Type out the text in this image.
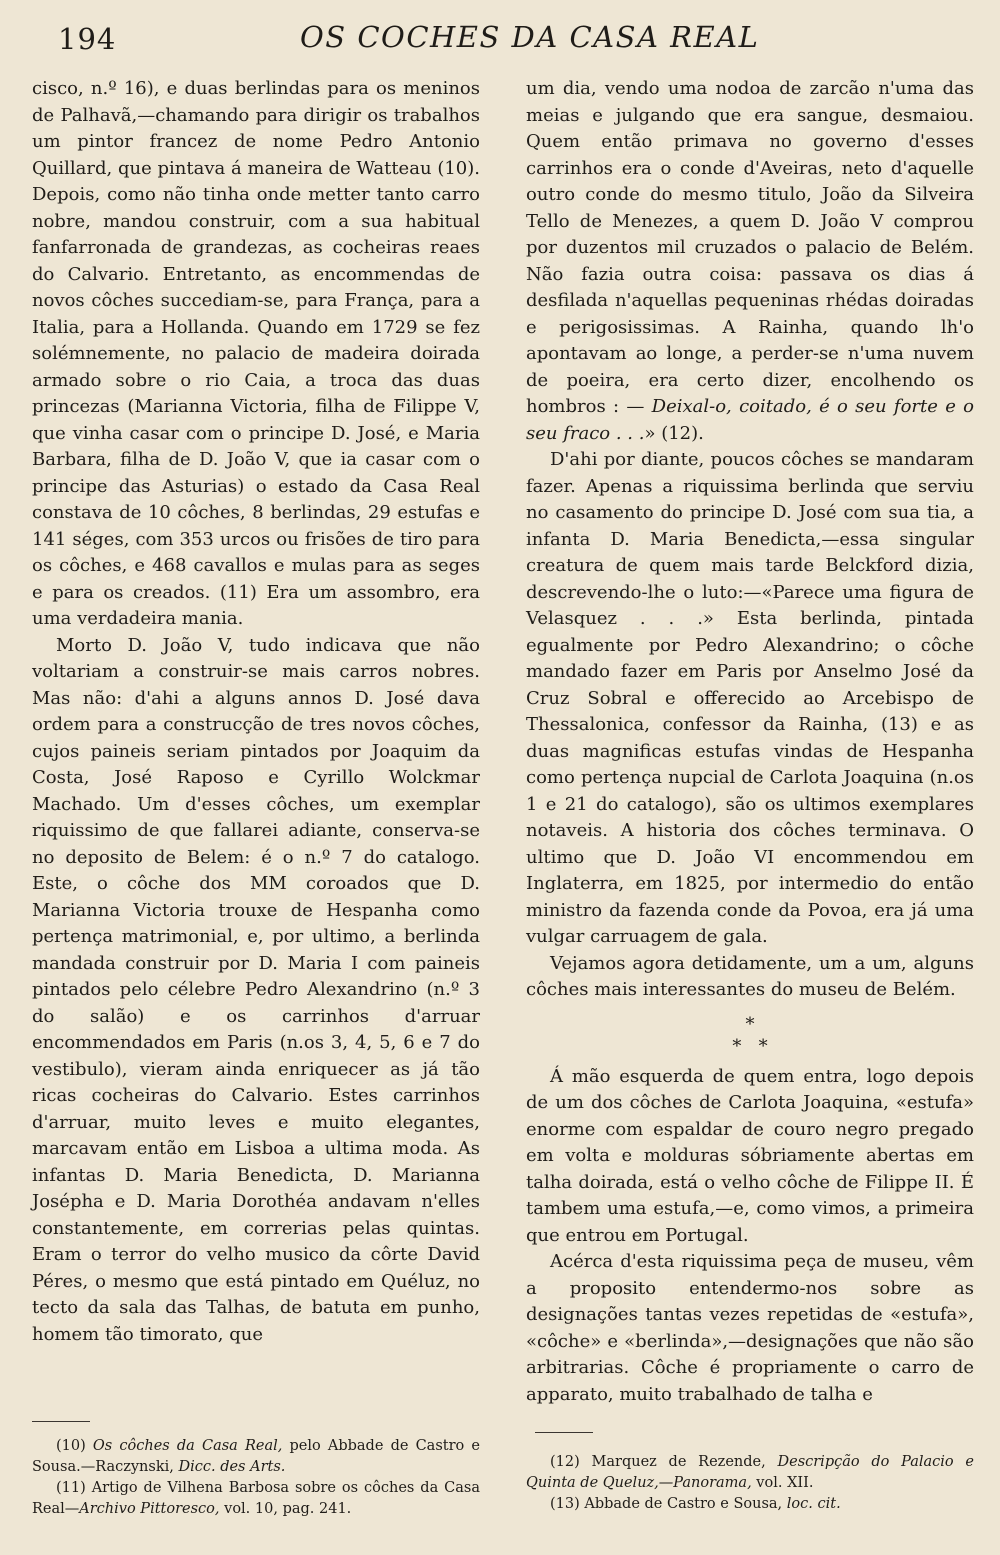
194	OS COCHES DA CASA REAL

cisco, n.º 16), e duas berlindas para os meninos de Palhavã,—chamando para dirigir os trabalhos um pintor francez de nome Pedro Antonio Quillard, que pintava á maneira de Watteau (10). Depois, como não tinha onde metter tanto carro nobre, mandou construir, com a sua habitual fanfarronada de grandezas, as cocheiras reaes do Calvario. Entretanto, as encommendas de novos côches succediam-se, para França, para a Italia, para a Hollanda. Quando em 1729 se fez solémnemente, no palacio de madeira doirada armado sobre o rio Caia, a troca das duas princezas (Marianna Victoria, filha de Filippe V, que vinha casar com o principe D. José, e Maria Barbara, filha de D. João V, que ia casar com o principe das Asturias) o estado da Casa Real constava de 10 côches, 8 berlindas, 29 estufas e 141 séges, com 353 urcos ou frisões de tiro para os côches, e 468 cavallos e mulas para as seges e para os creados. (11) Era um assombro, era uma verdadeira mania.

Morto D. João V, tudo indicava que não voltariam a construir-se mais carros nobres. Mas não: d'ahi a alguns annos D. José dava ordem para a construcção de tres novos côches, cujos paineis seriam pintados por Joaquim da Costa, José Raposo e Cyrillo Wolckmar Machado. Um d'esses côches, um exemplar riquissimo de que fallarei adiante, conserva-se no deposito de Belem: é o n.º 7 do catalogo. Este, o côche dos MM coroados que D. Marianna Victoria trouxe de Hespanha como pertença matrimonial, e, por ultimo, a berlinda mandada construir por D. Maria I com paineis pintados pelo célebre Pedro Alexandrino (n.º 3 do salão) e os carrinhos d'arruar encommendados em Paris (n.os 3, 4, 5, 6 e 7 do vestibulo), vieram ainda enriquecer as já tão ricas cocheiras do Calvario. Estes carrinhos d'arruar, muito leves e muito elegantes, marcavam então em Lisboa a ultima moda. As infantas D. Maria Benedicta, D. Marianna Josépha e D. Maria Dorothéa andavam n'elles constantemente, em correrias pelas quintas. Eram o terror do velho musico da côrte David Péres, o mesmo que está pintado em Quéluz, no tecto da sala das Talhas, de batuta em punho, homem tão timorato, que

um dia, vendo uma nodoa de zarcão n'uma das meias e julgando que era sangue, desmaiou. Quem então primava no governo d'esses carrinhos era o conde d'Aveiras, neto d'aquelle outro conde do mesmo titulo, João da Silveira Tello de Menezes, a quem D. João V comprou por duzentos mil cruzados o palacio de Belém. Não fazia outra coisa: passava os dias á desfilada n'aquellas pequeninas rhédas doiradas e perigosissimas. A Rainha, quando lh'o apontavam ao longe, a perder-se n'uma nuvem de poeira, era certo dizer, encolhendo os hombros : — Deixal-o, coitado, é o seu forte e o seu fraco . . .» (12).

D'ahi por diante, poucos côches se mandaram fazer. Apenas a riquissima berlinda que serviu no casamento do principe D. José com sua tia, a infanta D. Maria Benedicta,—essa singular creatura de quem mais tarde Belckford dizia, descrevendo-lhe o luto:—«Parece uma figura de Velasquez . . .» Esta berlinda, pintada egualmente por Pedro Alexandrino; o côche mandado fazer em Paris por Anselmo José da Cruz Sobral e offerecido ao Arcebispo de Thessalonica, confessor da Rainha, (13) e as duas magnificas estufas vindas de Hespanha como pertença nupcial de Carlota Joaquina (n.os 1 e 21 do catalogo), são os ultimos exemplares notaveis. A historia dos côches terminava. O ultimo que D. João VI encommendou em Inglaterra, em 1825, por intermedio do então ministro da fazenda conde da Povoa, era já uma vulgar carruagem de gala.

Vejamos agora detidamente, um a um, alguns côches mais interessantes do museu de Belém.

*
*   *

Á mão esquerda de quem entra, logo depois de um dos côches de Carlota Joaquina, «estufa» enorme com espaldar de couro negro pregado em volta e molduras sóbriamente abertas em talha doirada, está o velho côche de Filippe II. É tambem uma estufa,—e, como vimos, a primeira que entrou em Portugal.

Acérca d'esta riquissima peça de museu, vêm a proposito entendermo-nos sobre as designações tantas vezes repetidas de «estufa», «côche» e «berlinda»,—designações que não são arbitrarias. Côche é propriamente o carro de apparato, muito trabalhado de talha e

(10) Os côches da Casa Real, pelo Abbade de Castro e Sousa.—Raczynski, Dicc. des Arts.

(11) Artigo de Vilhena Barbosa sobre os côches da Casa Real—Archivo Pittoresco, vol. 10, pag. 241.

(12) Marquez de Rezende, Descripção do Palacio e Quinta de Queluz,—Panorama, vol. XII.

(13) Abbade de Castro e Sousa, loc. cit.
